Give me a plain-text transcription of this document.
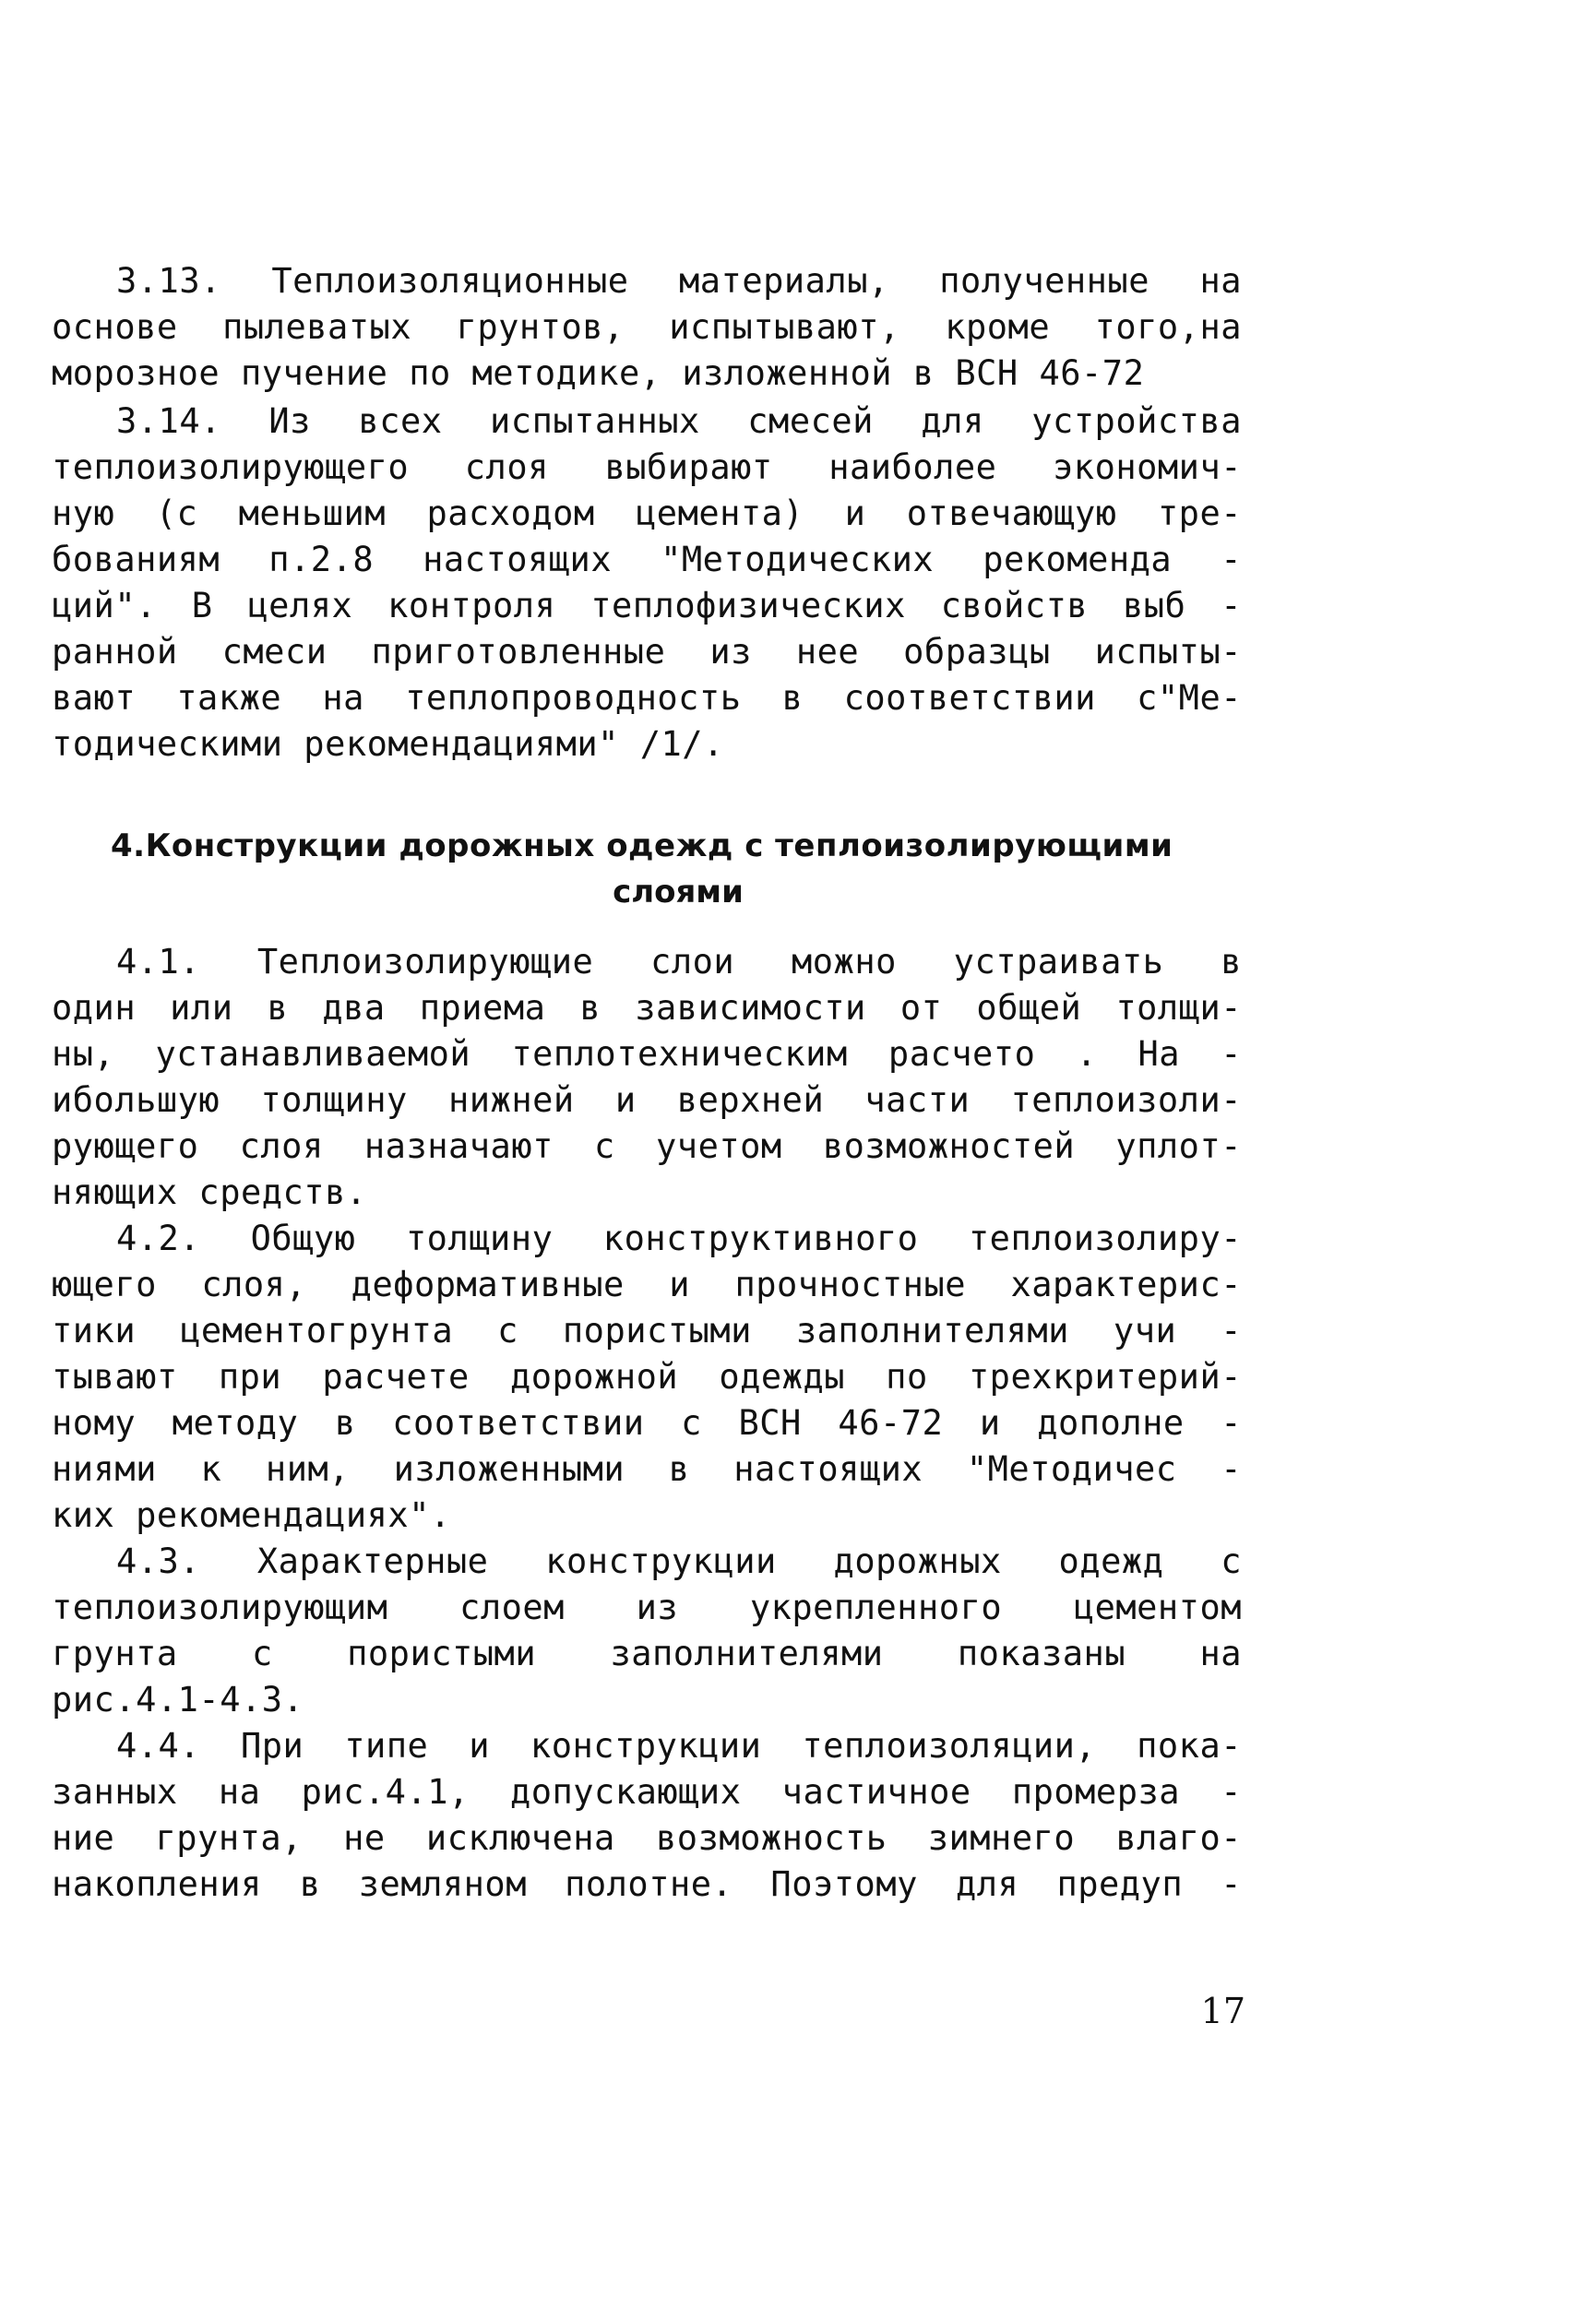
3.13. Теплоизоляционные материалы, полученные на
основе пылеватых грунтов, испытывают, кроме того,на
морозное пучение по методике, изложенной в ВСН 46-72
3.14. Из всех испытанных смесей для устройства
теплоизолирующего слоя выбирают наиболее экономич-
ную (с меньшим расходом цемента) и отвечающую тре-
бованиям п.2.8 настоящих "Методических рекоменда -
ций". В целях контроля теплофизических свойств выб -
ранной смеси приготовленные из нее образцы испыты-
вают также на теплопроводность в соответствии с"Ме-
тодическими рекомендациями" /1/.
4.Конструкции дорожных одежд с теплоизолирующими
слоями
4.1. Теплоизолирующие слои можно устраивать в
один или в два приема в зависимости от общей толщи-
ны, устанавливаемой теплотехническим расчето . На -
ибольшую толщину нижней и верхней части теплоизоли-
рующего слоя назначают с учетом возможностей уплот-
няющих средств.
4.2. Общую толщину конструктивного теплоизолиру-
ющего слоя, деформативные и прочностные характерис-
тики цементогрунта с пористыми заполнителями учи -
тывают при расчете дорожной одежды по трехкритерий-
ному методу в соответствии с ВСН 46-72 и дополне -
ниями к ним, изложенными в настоящих "Методичес -
ких рекомендациях".
4.3. Характерные конструкции дорожных одежд с
теплоизолирующим слоем из укрепленного цементом
грунта с пористыми заполнителями показаны на
рис.4.1-4.3.
4.4. При типе и конструкции теплоизоляции, пока-
занных на рис.4.1, допускающих частичное промерза -
ние грунта, не исключена возможность зимнего влаго-
накопления в земляном полотне. Поэтому для предуп -
17
